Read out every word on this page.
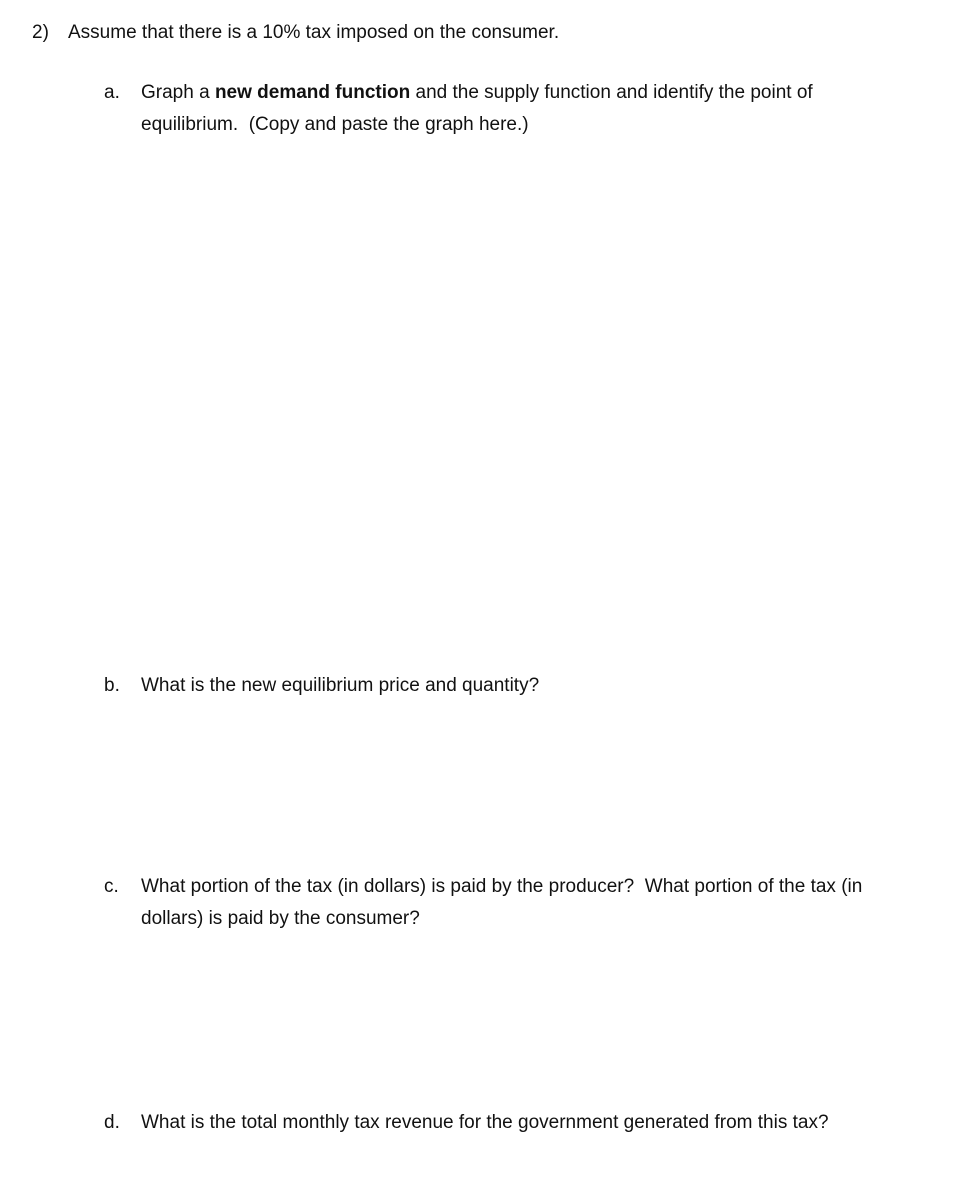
2) Assume that there is a 10% tax imposed on the consumer.
a. Graph a new demand function and the supply function and identify the point of
equilibrium.  (Copy and paste the graph here.)
b. What is the new equilibrium price and quantity?
c. What portion of the tax (in dollars) is paid by the producer?  What portion of the tax (in
dollars) is paid by the consumer?
d. What is the total monthly tax revenue for the government generated from this tax?
